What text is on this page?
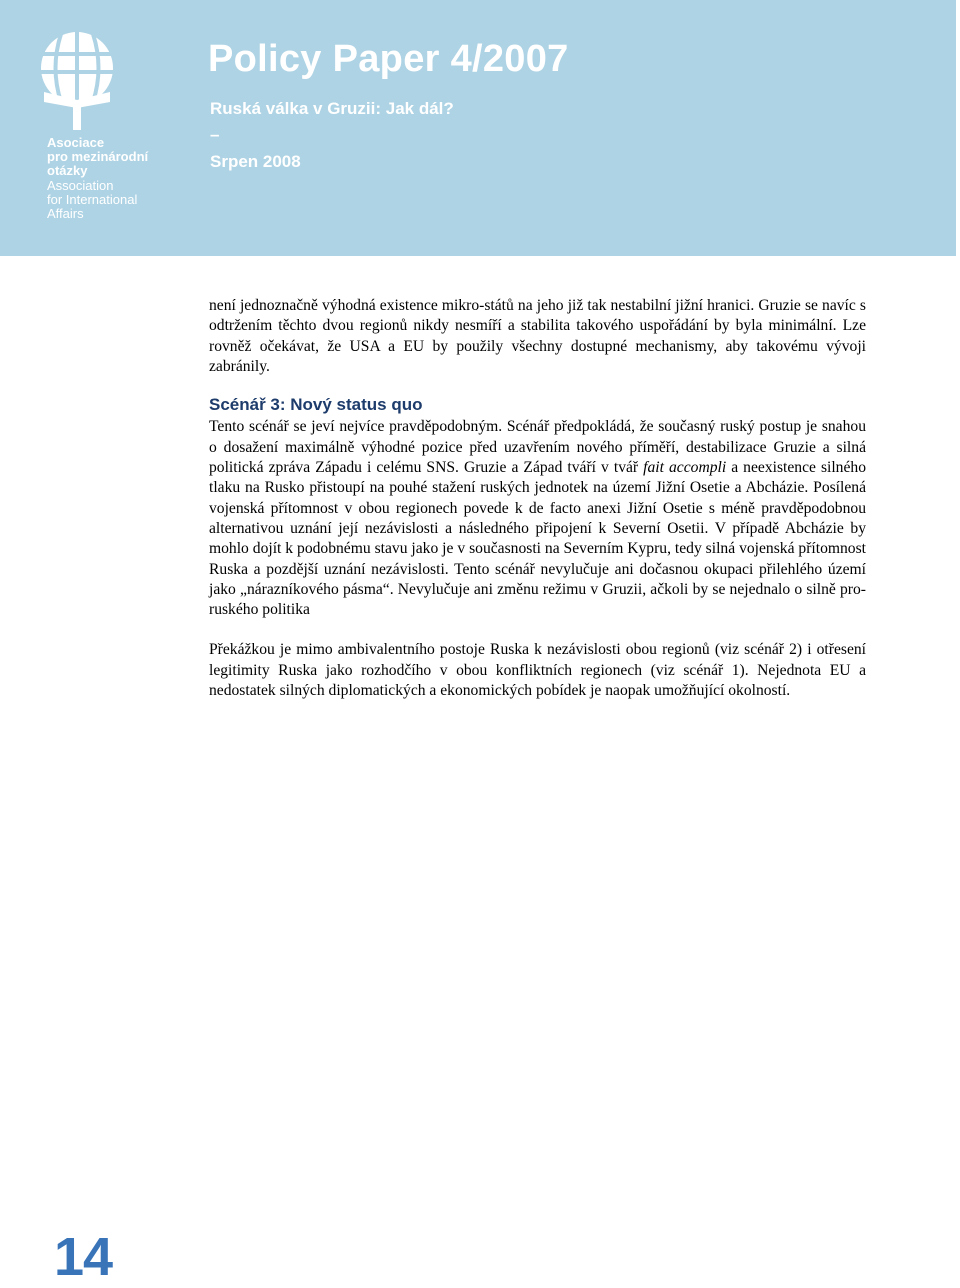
Asociace
pro mezinárodní
otázky
Association
for International
Affairs
Policy Paper 4/2007
Ruská válka v Gruzii: Jak dál?
–
Srpen 2008

není jednoznačně výhodná existence mikro-států na jeho již tak nestabilní jižní hranici. Gruzie se navíc s odtržením těchto dvou regionů nikdy nesmíří a stabilita takového uspořádání by byla minimální. Lze rovněž očekávat, že USA a EU by použily všechny dostupné mechanismy, aby takovému vývoji zabránily.

Scénář 3: Nový status quo

Tento scénář se jeví nejvíce pravděpodobným. Scénář předpokládá, že současný ruský postup je snahou o dosažení maximálně výhodné pozice před uzavřením nového příměří, destabilizace Gruzie a silná politická zpráva Západu i celému SNS. Gruzie a Západ tváří v tvář fait accompli a neexistence silného tlaku na Rusko přistoupí na pouhé stažení ruských jednotek na území Jižní Osetie a Abcházie. Posílená vojenská přítomnost v obou regionech povede k de facto anexi Jižní Osetie s méně pravděpodobnou alternativou uznání její nezávislosti a následného připojení k Severní Osetii. V případě Abcházie by mohlo dojít k podobnému stavu jako je v současnosti na Severním Kypru, tedy silná vojenská přítomnost Ruska a pozdější uznání nezávislosti. Tento scénář nevylučuje ani dočasnou okupaci přilehlého území jako „nárazníkového pásma“. Nevylučuje ani změnu režimu v Gruzii, ačkoli by se nejednalo o silně pro-ruského politika

Překážkou je mimo ambivalentního postoje Ruska k nezávislosti obou regionů (viz scénář 2) i otřesení legitimity Ruska jako rozhodčího v obou konfliktních regionech (viz scénář 1). Nejednota EU a nedostatek silných diplomatických a ekonomických pobídek je naopak umožňující okolností.

14
